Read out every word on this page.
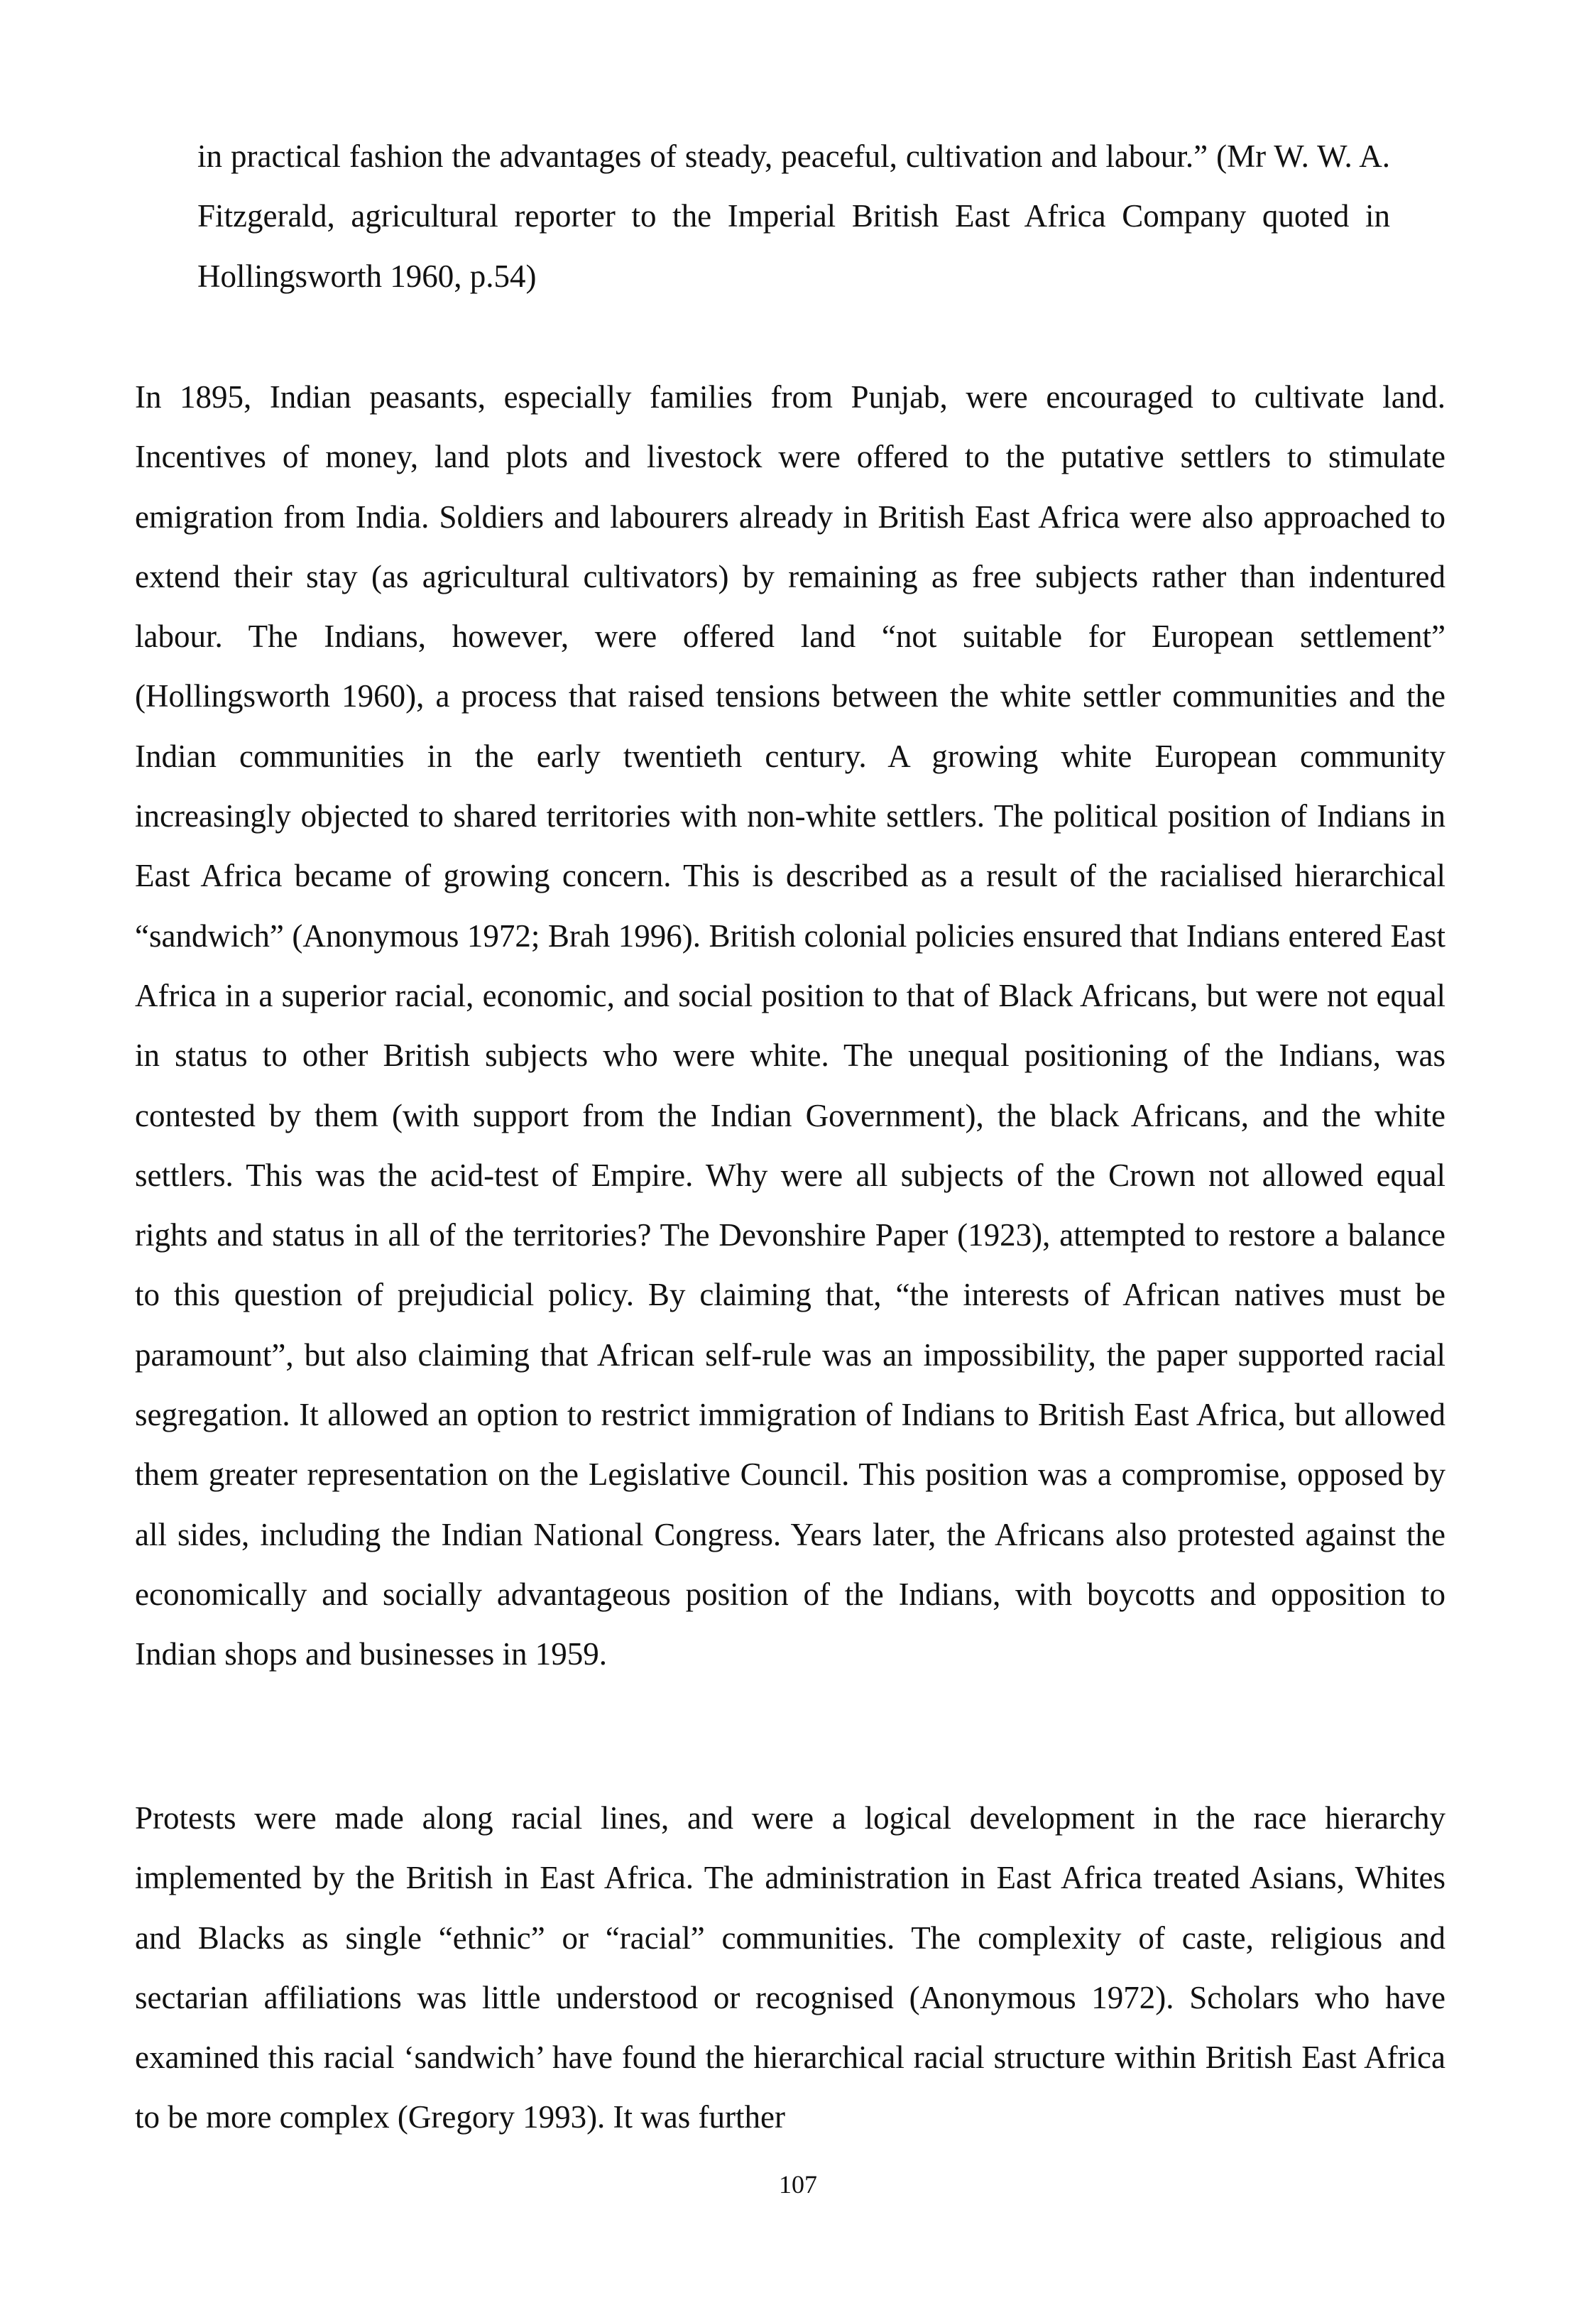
in practical fashion the advantages of steady, peaceful, cultivation and labour.” (Mr W. W. A. Fitzgerald, agricultural reporter to the Imperial British East Africa Company quoted in Hollingsworth 1960, p.54)

In 1895, Indian peasants, especially families from Punjab, were encouraged to cultivate land. Incentives of money, land plots and livestock were offered to the putative settlers to stimulate emigration from India. Soldiers and labourers already in British East Africa were also approached to extend their stay (as agricultural cultivators) by remaining as free subjects rather than indentured labour. The Indians, however, were offered land “not suitable for European settlement” (Hollingsworth 1960), a process that raised tensions between the white settler communities and the Indian communities in the early twentieth century. A growing white European community increasingly objected to shared territories with non-white settlers. The political position of Indians in East Africa became of growing concern. This is described as a result of the racialised hierarchical “sandwich” (Anonymous 1972; Brah 1996). British colonial policies ensured that Indians entered East Africa in a superior racial, economic, and social position to that of Black Africans, but were not equal in status to other British subjects who were white. The unequal positioning of the Indians, was contested by them (with support from the Indian Government), the black Africans, and the white settlers. This was the acid-test of Empire. Why were all subjects of the Crown not allowed equal rights and status in all of the territories? The Devonshire Paper (1923), attempted to restore a balance to this question of prejudicial policy. By claiming that, “the interests of African natives must be paramount”, but also claiming that African self-rule was an impossibility, the paper supported racial segregation. It allowed an option to restrict immigration of Indians to British East Africa, but allowed them greater representation on the Legislative Council. This position was a compromise, opposed by all sides, including the Indian National Congress. Years later, the Africans also protested against the economically and socially advantageous position of the Indians, with boycotts and opposition to Indian shops and businesses in 1959.

Protests were made along racial lines, and were a logical development in the race hierarchy implemented by the British in East Africa. The administration in East Africa treated Asians, Whites and Blacks as single “ethnic” or “racial” communities. The complexity of caste, religious and sectarian affiliations was little understood or recognised (Anonymous 1972). Scholars who have examined this racial ‘sandwich’ have found the hierarchical racial structure within British East Africa to be more complex (Gregory 1993). It was further

107
